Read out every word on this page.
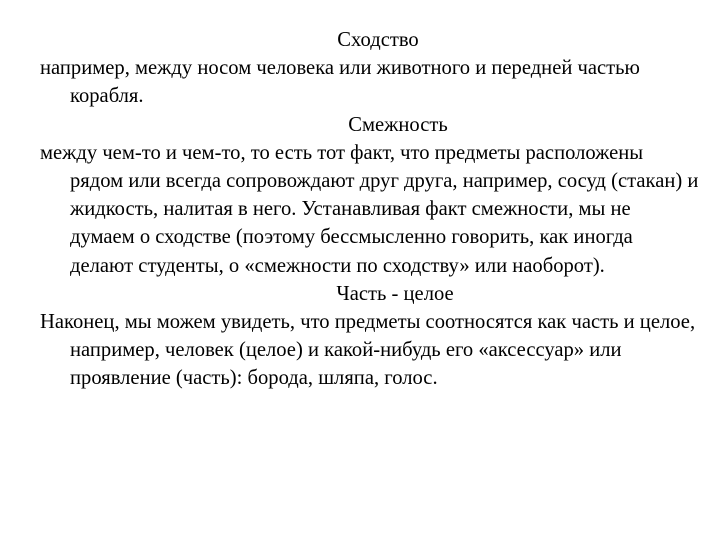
Сходство

например, между носом человека или животного и передней частью корабля.

Смежность

между чем-то и чем-то, то есть тот факт, что предметы расположены рядом или всегда сопровождают друг друга, например, сосуд (стакан) и жидкость, налитая в него. Устанавливая факт смежности, мы не думаем о сходстве (поэтому бессмысленно говорить, как иногда делают студенты, о «смежности по сходству» или наоборот).

Часть - целое

Наконец, мы можем увидеть, что предметы соотносятся как часть и целое, например, человек (целое) и какой-нибудь его «аксессуар» или проявление (часть): борода, шляпа, голос.
